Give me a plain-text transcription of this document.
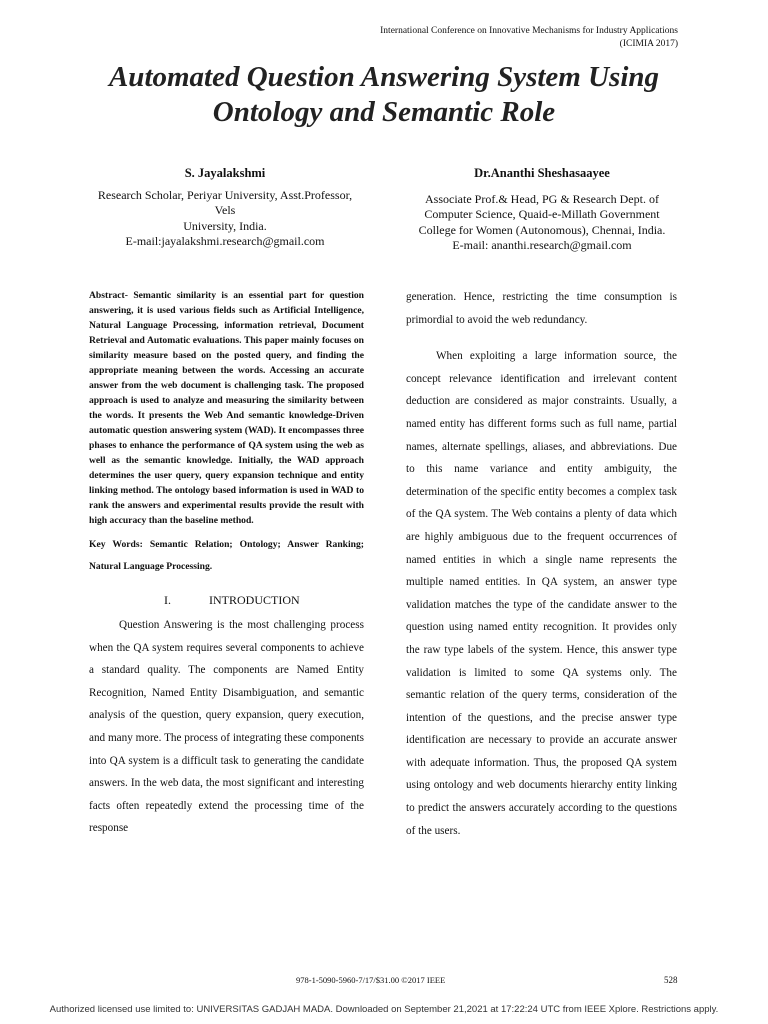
International Conference on Innovative Mechanisms for Industry Applications
(ICIMIA 2017)
Automated Question Answering System Using
Ontology and Semantic Role
S. Jayalakshmi
Research Scholar, Periyar University, Asst.Professor,
Vels
University, India.
E-mail:jayalakshmi.research@gmail.com
Dr.Ananthi Sheshasaayee
Associate Prof.& Head, PG & Research Dept. of
Computer Science, Quaid-e-Millath Government
College for Women (Autonomous), Chennai, India.
E-mail: ananthi.research@gmail.com

Abstract- Semantic similarity is an essential part for question answering, it is used various fields such as Artificial Intelligence, Natural Language Processing, information retrieval, Document Retrieval and Automatic evaluations. This paper mainly focuses on similarity measure based on the posted query, and finding the appropriate meaning between the words. Accessing an accurate answer from the web document is challenging task. The proposed approach is used to analyze and measuring the similarity between the words. It presents the Web And semantic knowledge-Driven automatic question answering system (WAD). It encompasses three phases to enhance the performance of QA system using the web as well as the semantic knowledge. Initially, the WAD approach determines the user query, query expansion technique and entity linking method. The ontology based information is used in WAD to rank the answers and experimental results provide the result with high accuracy than the baseline method.

Key Words: Semantic Relation; Ontology; Answer Ranking; Natural Language Processing.

I.	INTRODUCTION

Question Answering is the most challenging process when the QA system requires several components to achieve a standard quality. The components are Named Entity Recognition, Named Entity Disambiguation, and semantic analysis of the question, query expansion, query execution, and many more. The process of integrating these components into QA system is a difficult task to generating the candidate answers. In the web data, the most significant and interesting facts often repeatedly extend the processing time of the response

generation. Hence, restricting the time consumption is primordial to avoid the web redundancy.

When exploiting a large information source, the concept relevance identification and irrelevant content deduction are considered as major constraints. Usually, a named entity has different forms such as full name, partial names, alternate spellings, aliases, and abbreviations. Due to this name variance and entity ambiguity, the determination of the specific entity becomes a complex task of the QA system. The Web contains a plenty of data which are highly ambiguous due to the frequent occurrences of named entities in which a single name represents the multiple named entities. In QA system, an answer type validation matches the type of the candidate answer to the question using named entity recognition. It provides only the raw type labels of the system. Hence, this answer type validation is limited to some QA systems only. The semantic relation of the query terms, consideration of the intention of the questions, and the precise answer type identification are necessary to provide an accurate answer with adequate information. Thus, the proposed QA system using ontology and web documents hierarchy entity linking to predict the answers accurately according to the questions of the users.

978-1-5090-5960-7/17/$31.00 ©2017 IEEE	528
Authorized licensed use limited to: UNIVERSITAS GADJAH MADA. Downloaded on September 21,2021 at 17:22:24 UTC from IEEE Xplore. Restrictions apply.
